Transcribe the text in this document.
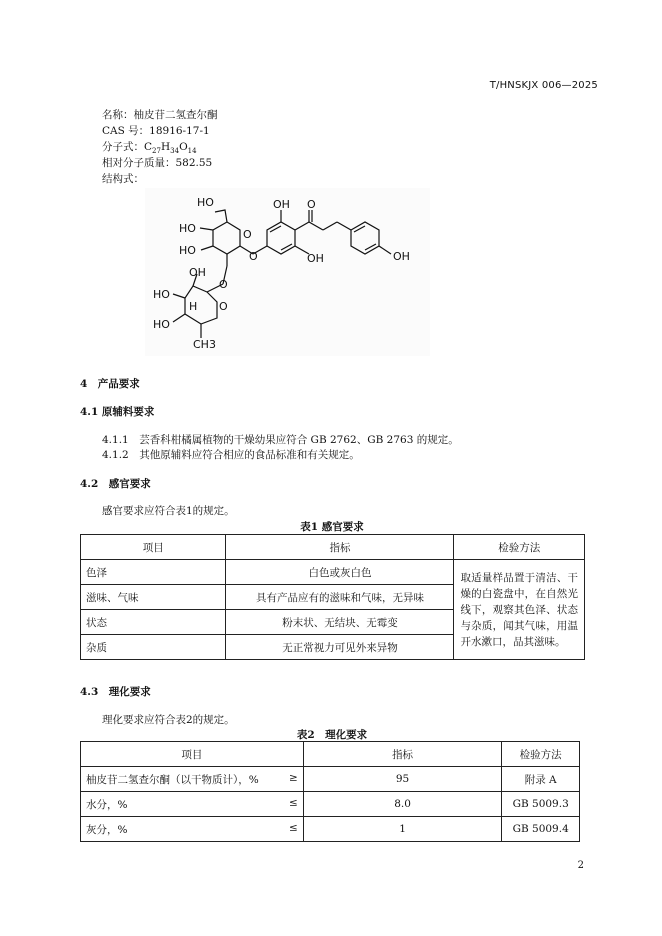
T/HNSKJX 006—2025
名称：柚皮苷二氢查尔酮
CAS 号：18916-17-1
分子式：$C_{27}H_{34}O_{14}$
相对分子质量：582.55
结构式：
HO
HO
HO
OH
O
HO
HO
H O
CH3
OH O
OH
O	OH
O
4　产品要求
4.1 原辅料要求
4.1.1　芸香科柑橘属植物的干燥幼果应符合 GB 2762、GB 2763 的规定。
4.1.2　其他原辅料应符合相应的食品标准和有关规定。
4.2　感官要求
感官要求应符合表1的规定。
表1 感官要求
项目	指标	检验方法
色泽	白色或灰白色	取适量样品置于清洁、干燥的白瓷盘中，在自然光线下，观察其色泽、状态与杂质，闻其气味，用温开水漱口，品其滋味。
滋味、气味	具有产品应有的滋味和气味，无异味	
状态	粉末状、无结块、无霉变	
杂质	无正常视力可见外来异物	
4.3　理化要求
理化要求应符合表2的规定。
表2　理化要求
项目	指标	检验方法
柚皮苷二氢查尔酮（以干物质计），% ≥	95	附录 A
水分，% ≤	8.0	GB 5009.3
灰分，% ≤	1	GB 5009.4
2
